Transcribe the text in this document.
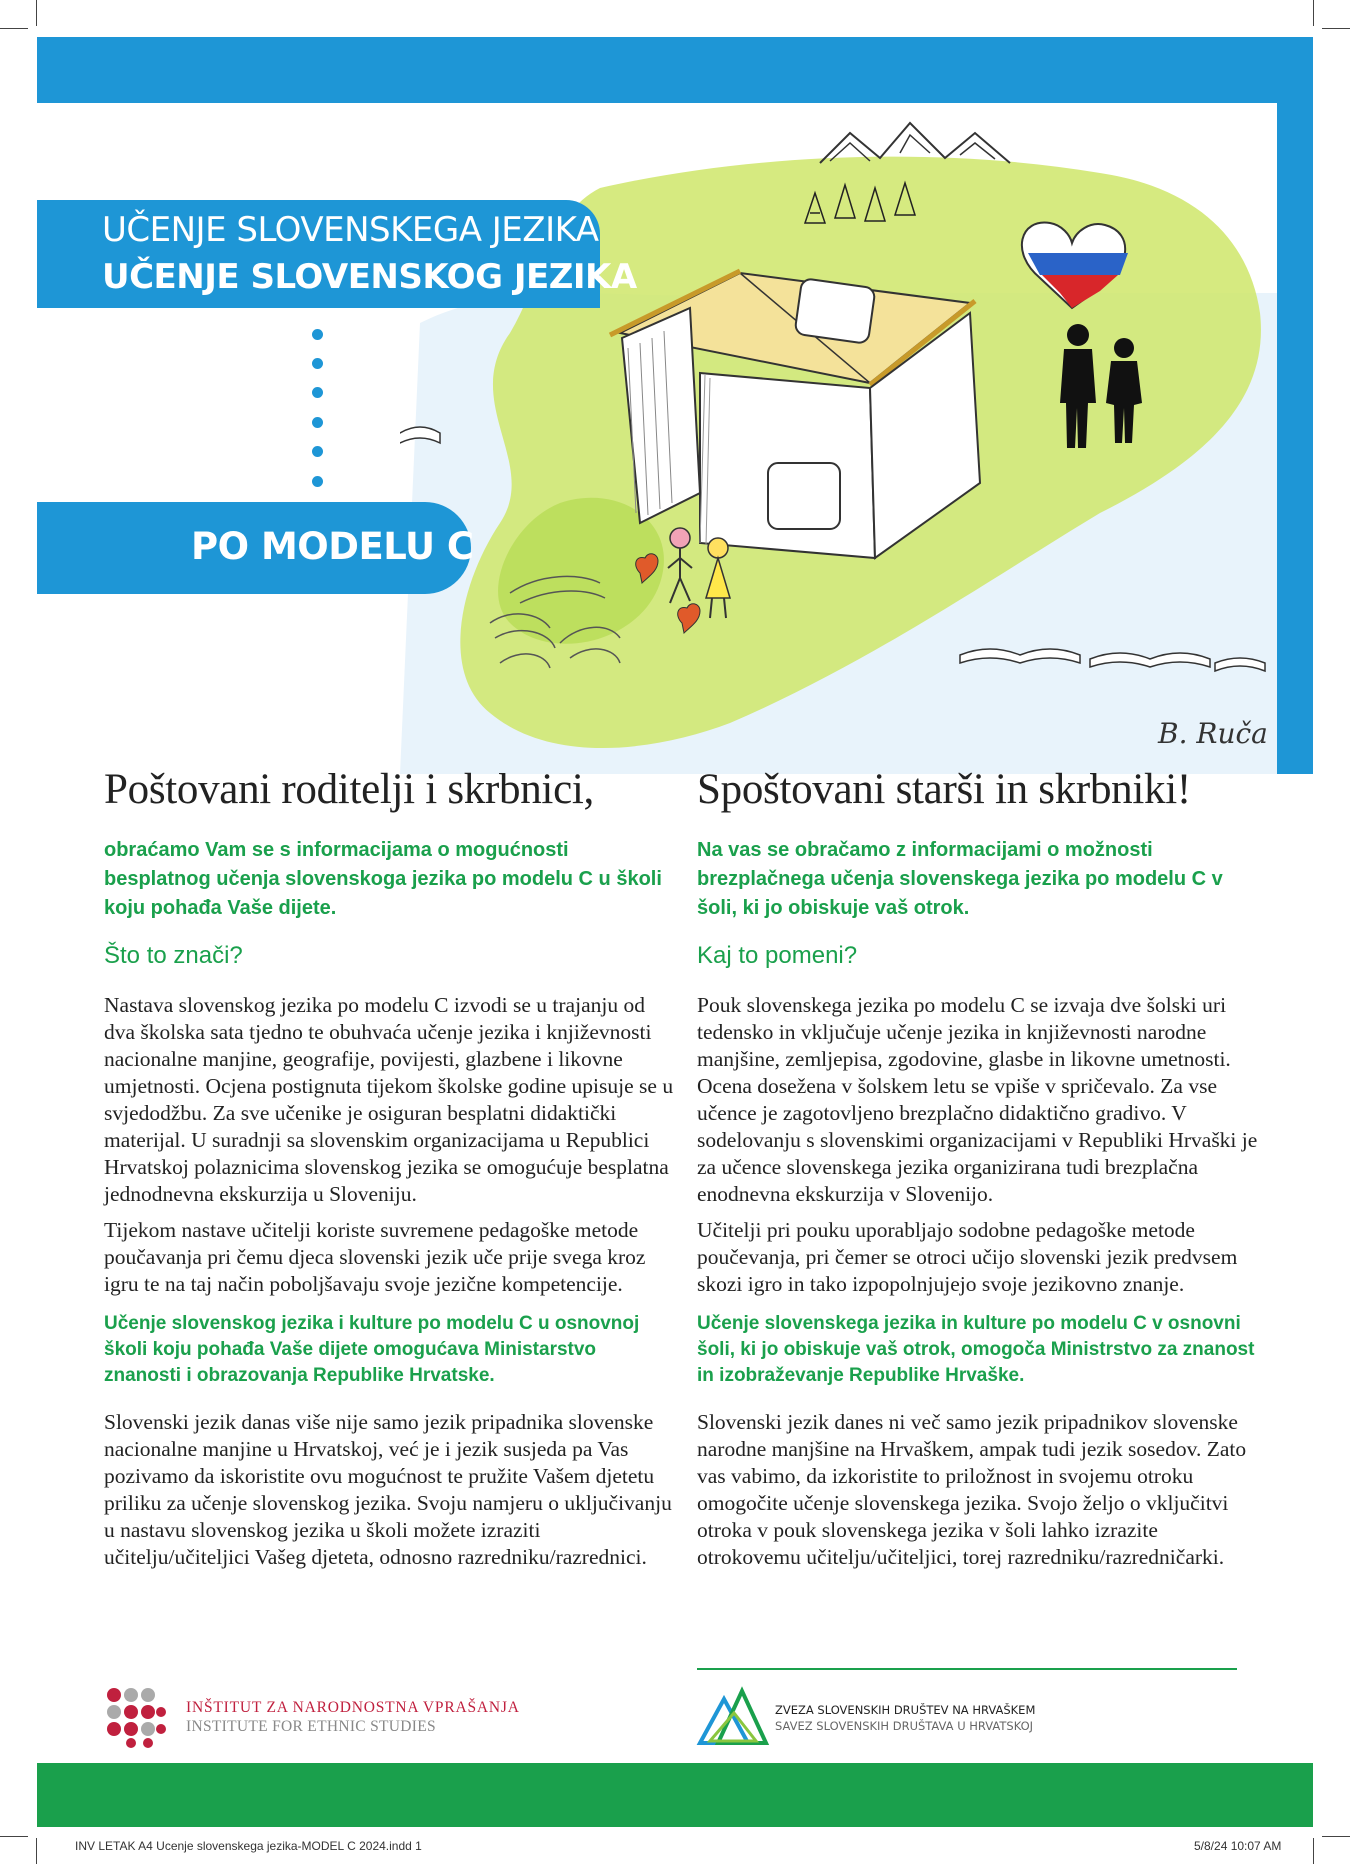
B. Ruča
UČENJE SLOVENSKEGA JEZIKA
UČENJE SLOVENSKOG JEZIKA
PO MODELU C
Poštovani roditelji i skrbnici,

obraćamo Vam se s informacijama o mogućnosti besplatnog učenja slovenskoga jezika po modelu C u školi koju pohađa Vaše dijete.

Što to znači?

Nastava slovenskog jezika po modelu C izvodi se u trajanju od dva školska sata tjedno te obuhvaća učenje jezika i književnosti nacionalne manjine, geografije, povijesti, glazbene i likovne umjetnosti. Ocjena postignuta tijekom školske godine upisuje se u svjedodžbu. Za sve učenike je osiguran besplatni didaktički materijal. U suradnji sa slovenskim organizacijama u Republici Hrvatskoj polaznicima slovenskog jezika se omogućuje besplatna jednodnevna ekskurzija u Sloveniju.

Tijekom nastave učitelji koriste suvremene pedagoške metode poučavanja pri čemu djeca slovenski jezik uče prije svega kroz igru te na taj način poboljšavaju svoje jezične kompetencije.

Učenje slovenskog jezika i kulture po modelu C u osnovnoj školi koju pohađa Vaše dijete omogućava Ministarstvo znanosti i obrazovanja Republike Hrvatske.

Slovenski jezik danas više nije samo jezik pripadnika slovenske nacionalne manjine u Hrvatskoj, već je i jezik susjeda pa Vas pozivamo da iskoristite ovu mogućnost te pružite Vašem djetetu priliku za učenje slovenskog jezika. Svoju namjeru o uključivanju u nastavu slovenskog jezika u školi možete izraziti učitelju/učiteljici Vašeg djeteta, odnosno razredniku/razrednici.

Spoštovani starši in skrbniki!

Na vas se obračamo z informacijami o možnosti brezplačnega učenja slovenskega jezika po modelu C v šoli, ki jo obiskuje vaš otrok.

Kaj to pomeni?

Pouk slovenskega jezika po modelu C se izvaja dve šolski uri tedensko in vključuje učenje jezika in književnosti narodne manjšine, zemljepisa, zgodovine, glasbe in likovne umetnosti. Ocena dosežena v šolskem letu se vpiše v spričevalo. Za vse učence je zagotovljeno brezplačno didaktično gradivo. V sodelovanju s slovenskimi organizacijami v Republiki Hrvaški je za učence slovenskega jezika organizirana tudi brezplačna enodnevna ekskurzija v Slovenijo.

Učitelji pri pouku uporabljajo sodobne pedagoške metode poučevanja, pri čemer se otroci učijo slovenski jezik predvsem skozi igro in tako izpopolnjujejo svoje jezikovno znanje.

Učenje slovenskega jezika in kulture po modelu C v osnovni šoli, ki jo obiskuje vaš otrok, omogoča Ministrstvo za znanost in izobraževanje Republike Hrvaške.

Slovenski jezik danes ni več samo jezik pripadnikov slovenske narodne manjšine na Hrvaškem, ampak tudi jezik sosedov. Zato vas vabimo, da izkoristite to priložnost in svojemu otroku omogočite učenje slovenskega jezika. Svojo željo o vključitvi otroka v pouk slovenskega jezika v šoli lahko izrazite otrokovemu učitelju/učiteljici, torej razredniku/razredničarki.

INŠTITUT ZA NARODNOSTNA VPRAŠANJA
INSTITUTE FOR ETHNIC STUDIES
ZVEZA SLOVENSKIH DRUŠTEV NA HRVAŠKEM
SAVEZ SLOVENSKIH DRUŠTAVA U HRVATSKOJ
INV LETAK A4 Ucenje slovenskega jezika-MODEL C 2024.indd 1	5/8/24 10:07 AM
